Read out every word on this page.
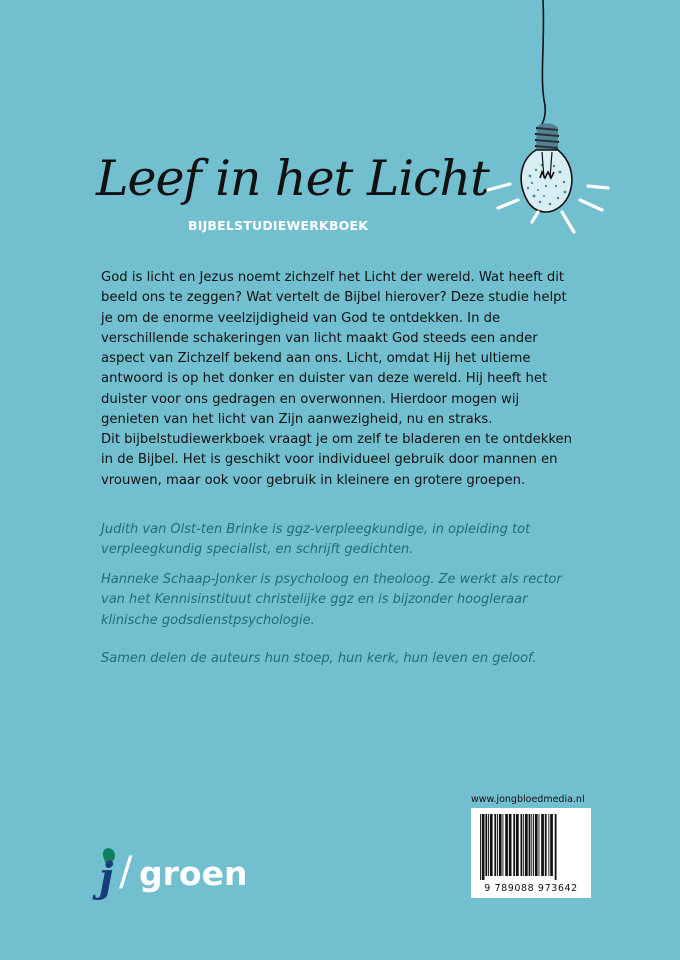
Leef in het Licht
BIJBELSTUDIEWERKBOEK

God is licht en Jezus noemt zichzelf het Licht der wereld. Wat heeft dit beeld ons te zeggen? Wat vertelt de Bijbel hierover? Deze studie helpt je om de enorme veelzijdigheid van God te ontdekken. In de verschillende schakeringen van licht maakt God steeds een ander aspect van Zichzelf bekend aan ons. Licht, omdat Hij het ultieme antwoord is op het donker en duister van deze wereld. Hij heeft het duister voor ons gedragen en overwonnen. Hierdoor mogen wij genieten van het licht van Zijn aanwezigheid, nu en straks.

Dit bijbelstudiewerkboek vraagt je om zelf te bladeren en te ontdekken in de Bijbel. Het is geschikt voor individueel gebruik door mannen en vrouwen, maar ook voor gebruik in kleinere en grotere groepen.

Judith van Olst-ten Brinke is ggz-verpleegkundige, in opleiding tot verpleegkundig specialist, en schrijft gedichten.

Hanneke Schaap-Jonker is psycholoog en theoloog. Ze werkt als rector van het Kennisinstituut christelijke ggz en is bijzonder hoogleraar klinische godsdienstpsychologie.

Samen delen de auteurs hun stoep, hun kerk, hun leven en geloof.

j / groen
www.jongbloedmedia.nl
9 789088 973642
